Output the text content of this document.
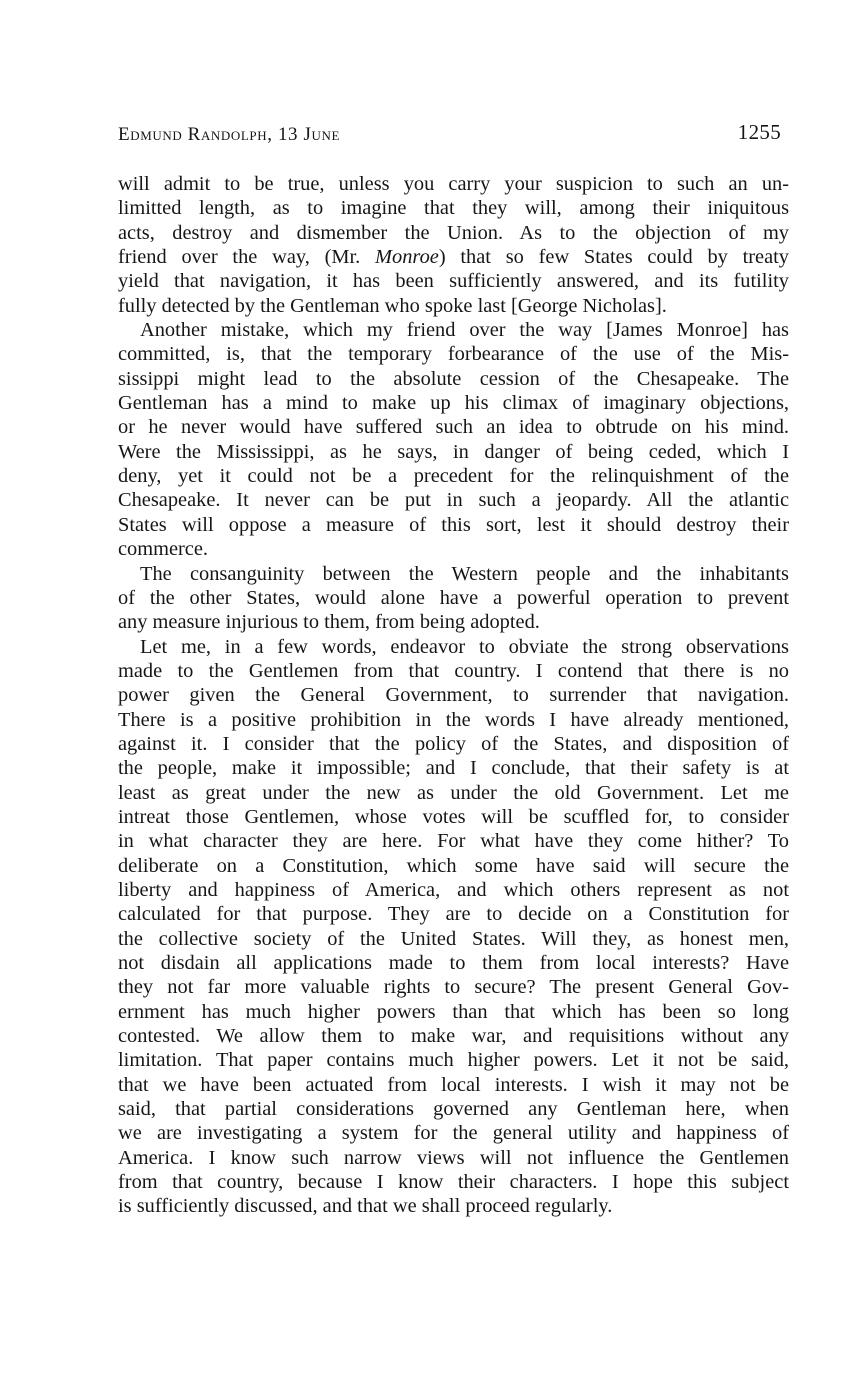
Edmund Randolph, 13 June	1255
will admit to be true, unless you carry your suspicion to such an un-
limitted length, as to imagine that they will, among their iniquitous
acts, destroy and dismember the Union. As to the objection of my
friend over the way, (Mr. Monroe) that so few States could by treaty
yield that navigation, it has been sufficiently answered, and its futility
fully detected by the Gentleman who spoke last [George Nicholas].
Another mistake, which my friend over the way [James Monroe] has
committed, is, that the temporary forbearance of the use of the Mis-
sissippi might lead to the absolute cession of the Chesapeake. The
Gentleman has a mind to make up his climax of imaginary objections,
or he never would have suffered such an idea to obtrude on his mind.
Were the Mississippi, as he says, in danger of being ceded, which I
deny, yet it could not be a precedent for the relinquishment of the
Chesapeake. It never can be put in such a jeopardy. All the atlantic
States will oppose a measure of this sort, lest it should destroy their
commerce.
The consanguinity between the Western people and the inhabitants
of the other States, would alone have a powerful operation to prevent
any measure injurious to them, from being adopted.
Let me, in a few words, endeavor to obviate the strong observations
made to the Gentlemen from that country. I contend that there is no
power given the General Government, to surrender that navigation.
There is a positive prohibition in the words I have already mentioned,
against it. I consider that the policy of the States, and disposition of
the people, make it impossible; and I conclude, that their safety is at
least as great under the new as under the old Government. Let me
intreat those Gentlemen, whose votes will be scuffled for, to consider
in what character they are here. For what have they come hither? To
deliberate on a Constitution, which some have said will secure the
liberty and happiness of America, and which others represent as not
calculated for that purpose. They are to decide on a Constitution for
the collective society of the United States. Will they, as honest men,
not disdain all applications made to them from local interests? Have
they not far more valuable rights to secure? The present General Gov-
ernment has much higher powers than that which has been so long
contested. We allow them to make war, and requisitions without any
limitation. That paper contains much higher powers. Let it not be said,
that we have been actuated from local interests. I wish it may not be
said, that partial considerations governed any Gentleman here, when
we are investigating a system for the general utility and happiness of
America. I know such narrow views will not influence the Gentlemen
from that country, because I know their characters. I hope this subject
is sufficiently discussed, and that we shall proceed regularly.
